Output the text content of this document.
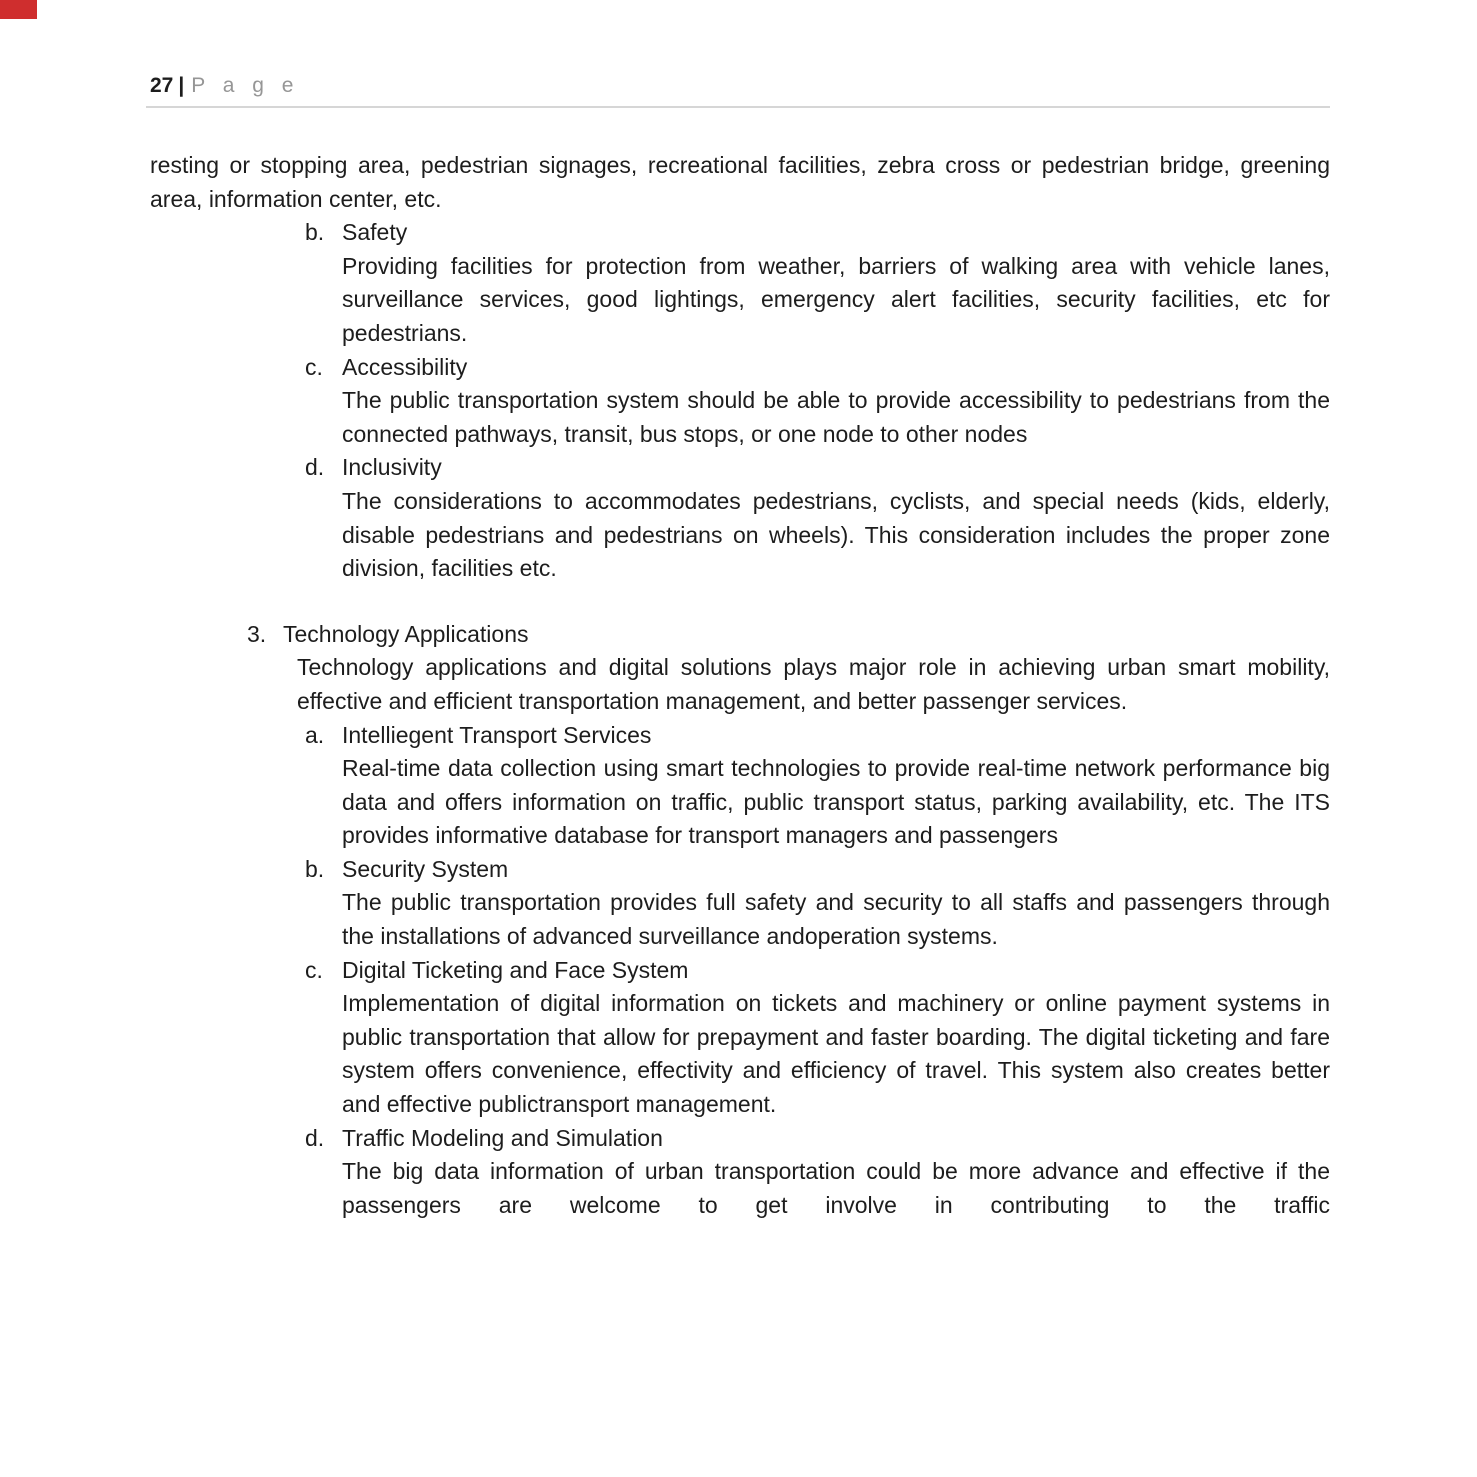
27 | P a g e

resting or stopping area, pedestrian signages, recreational facilities, zebra cross or pedestrian bridge, greening area, information center, etc.

b. Safety
Providing facilities for protection from weather, barriers of walking area with vehicle lanes, surveillance services, good lightings, emergency alert facilities, security facilities, etc for pedestrians.
c. Accessibility
The public transportation system should be able to provide accessibility to pedestrians from the connected pathways, transit, bus stops, or one node to other nodes
d. Inclusivity
The considerations to accommodates pedestrians, cyclists, and special needs (kids, elderly, disable pedestrians and pedestrians on wheels). This consideration includes the proper zone division, facilities etc.
3. Technology Applications
Technology applications and digital solutions plays major role in achieving urban smart mobility, effective and efficient transportation management, and better passenger services.
a. Intelliegent Transport Services
Real-time data collection using smart technologies to provide real-time network performance big data and offers information on traffic, public transport status, parking availability, etc. The ITS provides informative database for transport managers and passengers
b. Security System
The public transportation provides full safety and security to all staffs and passengers through the installations of advanced surveillance andoperation systems.
c. Digital Ticketing and Face System
Implementation of digital information on tickets and machinery or online payment systems in public transportation that allow for prepayment and faster boarding. The digital ticketing and fare system offers convenience, effectivity and efficiency of travel. This system also creates better and effective publictransport management.
d. Traffic Modeling and Simulation
The big data information of urban transportation could be more advance and effective if the passengers are welcome to get involve in contributing to the traffic
